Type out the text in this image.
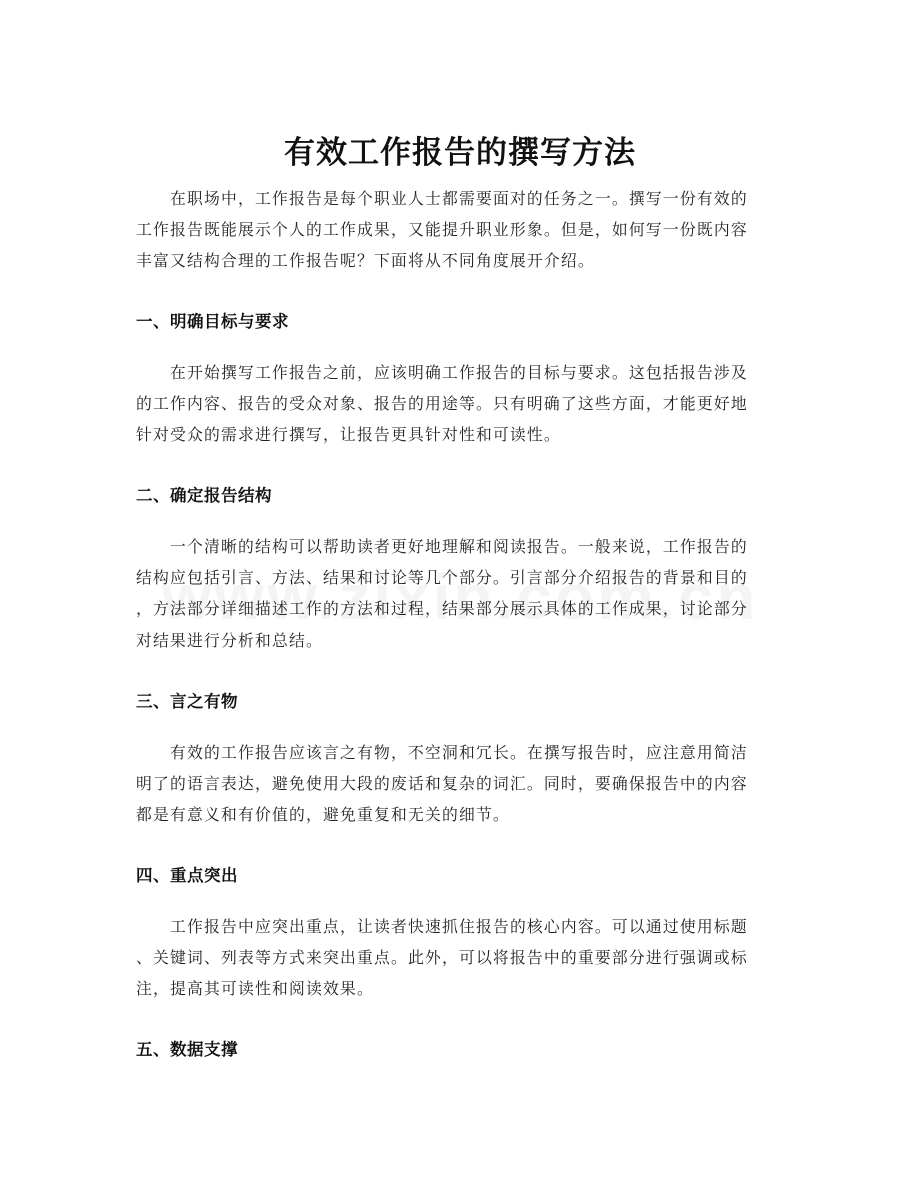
有效工作报告的撰写方法

在职场中，工作报告是每个职业人士都需要面对的任务之一。撰写一份有效的
工作报告既能展示个人的工作成果，又能提升职业形象。但是，如何写一份既内容
丰富又结构合理的工作报告呢？下面将从不同角度展开介绍。

一、明确目标与要求

在开始撰写工作报告之前，应该明确工作报告的目标与要求。这包括报告涉及
的工作内容、报告的受众对象、报告的用途等。只有明确了这些方面，才能更好地
针对受众的需求进行撰写，让报告更具针对性和可读性。

二、确定报告结构

一个清晰的结构可以帮助读者更好地理解和阅读报告。一般来说，工作报告的
结构应包括引言、方法、结果和讨论等几个部分。引言部分介绍报告的背景和目的
，方法部分详细描述工作的方法和过程，结果部分展示具体的工作成果，讨论部分
对结果进行分析和总结。

三、言之有物

有效的工作报告应该言之有物，不空洞和冗长。在撰写报告时，应注意用简洁
明了的语言表达，避免使用大段的废话和复杂的词汇。同时，要确保报告中的内容
都是有意义和有价值的，避免重复和无关的细节。

四、重点突出

工作报告中应突出重点，让读者快速抓住报告的核心内容。可以通过使用标题
、关键词、列表等方式来突出重点。此外，可以将报告中的重要部分进行强调或标
注，提高其可读性和阅读效果。

五、数据支撑
